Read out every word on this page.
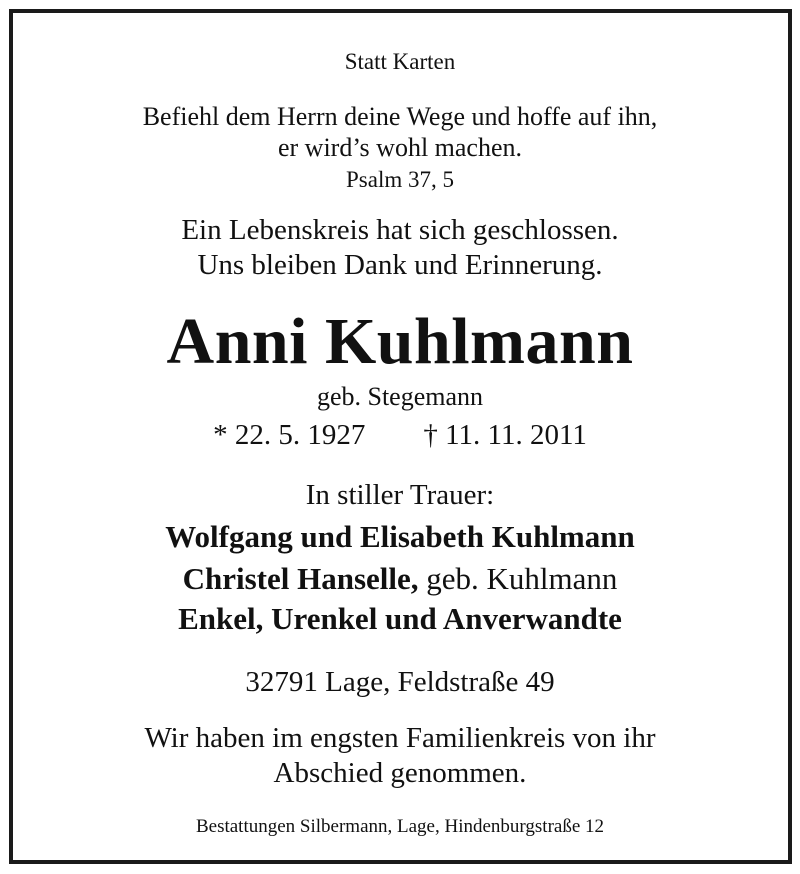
Statt Karten
Befiehl dem Herrn deine Wege und hoffe auf ihn,
er wird’s wohl machen.
Psalm 37, 5
Ein Lebenskreis hat sich geschlossen.
Uns bleiben Dank und Erinnerung.
Anni Kuhlmann
geb. Stegemann
* 22. 5. 1927 † 11. 11. 2011
In stiller Trauer:
Wolfgang und Elisabeth Kuhlmann
Christel Hanselle, geb. Kuhlmann
Enkel, Urenkel und Anverwandte
32791 Lage, Feldstraße 49
Wir haben im engsten Familienkreis von ihr
Abschied genommen.
Bestattungen Silbermann, Lage, Hindenburgstraße 12
